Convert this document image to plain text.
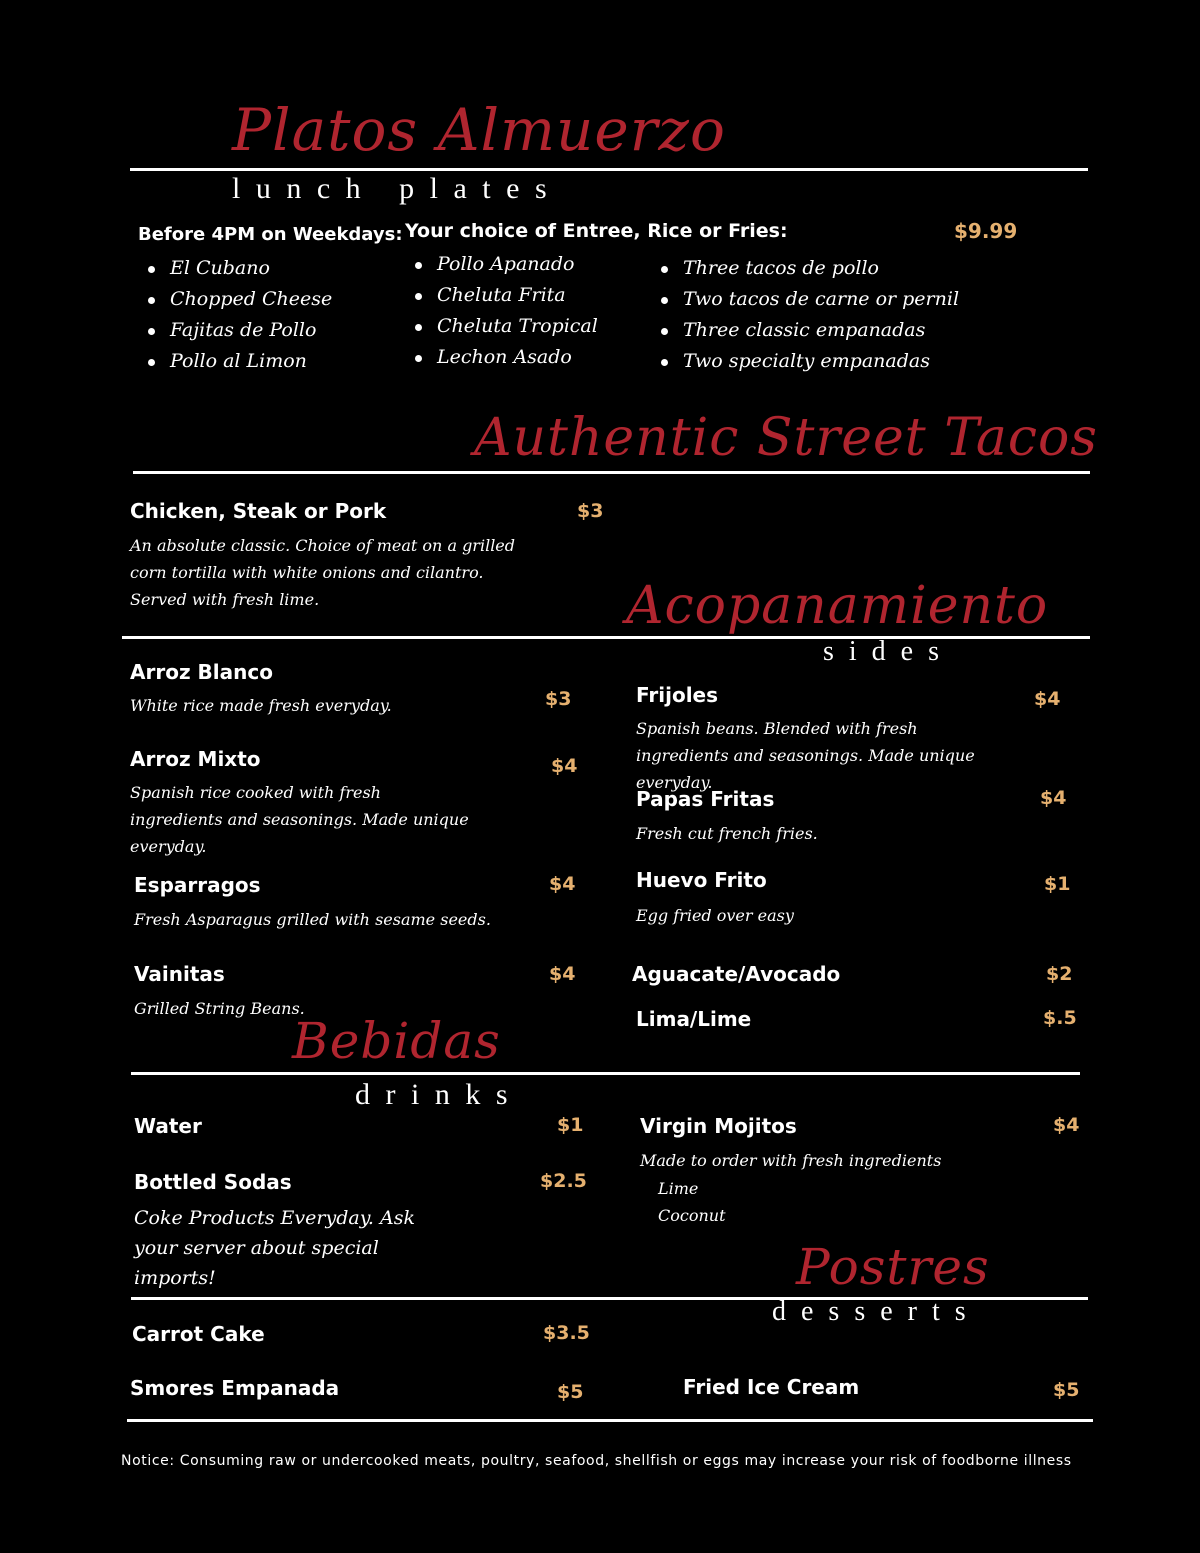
Platos Almuerzo
l u n c h   p l a t e s
Before 4PM on Weekdays: Your choice of Entree, Rice or Fries:	$9.99
El Cubano
Chopped Cheese
Fajitas de Pollo
Pollo al Limon
Pollo Apanado
Cheluta Frita
Cheluta Tropical
Lechon Asado
Three tacos de pollo
Two tacos de carne or pernil
Three classic empanadas
Two specialty empanadas
Authentic Street Tacos
Chicken, Steak or Pork	$3
An absolute classic. Choice of meat on a grilled
corn tortilla with white onions and cilantro.
Served with fresh lime.	Acopanamiento
s i d e s
Arroz Blanco
White rice made fresh everyday.	$3
Arroz Mixto	$4
Spanish rice cooked with fresh ingredients and seasonings. Made unique everyday.
Esparragos	$4
Fresh Asparagus grilled with sesame seeds.
Vainitas	$4
Grilled String Beans.
Frijoles	$4
Spanish beans. Blended with fresh ingredients and seasonings. Made unique everyday.
Papas Fritas	$4
Fresh cut french fries.
Huevo Frito	$1
Egg fried over easy
Aguacate/Avocado	$2
Lima/Lime	$.5
Bebidas
d r i n k s
Water	$1
Bottled Sodas	$2.5
Coke Products Everyday. Ask your server about special imports!
Virgin Mojitos	$4
Made to order with fresh ingredients
Lime
Coconut
Postres
d e s s e r t s
Carrot Cake	$3.5
Smores Empanada	$5	Fried Ice Cream	$5
Notice: Consuming raw or undercooked meats, poultry, seafood, shellfish or eggs may increase your risk of foodborne illness
